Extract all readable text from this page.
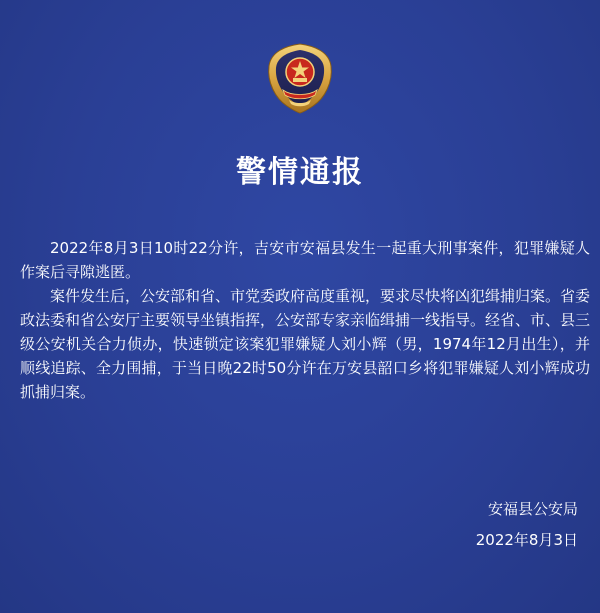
警情通报

2022年8月3日10时22分许，吉安市安福县发生一起重大刑事案件，犯罪嫌疑人作案后寻隙逃匿。

案件发生后，公安部和省、市党委政府高度重视，要求尽快将凶犯缉捕归案。省委政法委和省公安厅主要领导坐镇指挥，公安部专家亲临缉捕一线指导。经省、市、县三级公安机关合力侦办，快速锁定该案犯罪嫌疑人刘小辉（男，1974年12月出生），并顺线追踪、全力围捕，于当日晚22时50分许在万安县韶口乡将犯罪嫌疑人刘小辉成功抓捕归案。

安福县公安局
2022年8月3日
